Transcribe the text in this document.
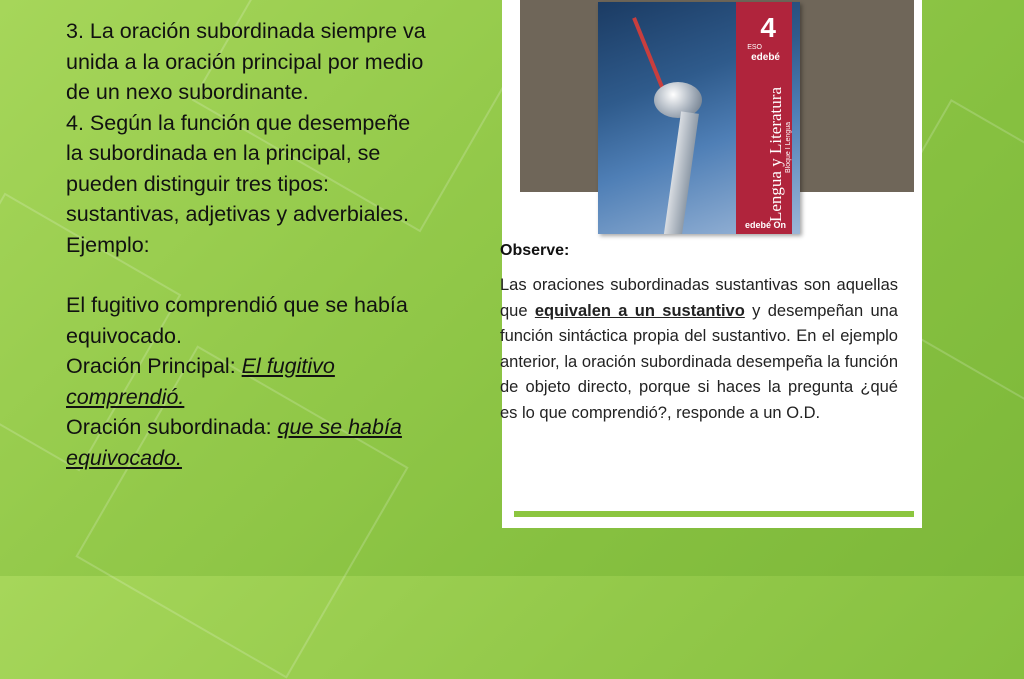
3. La oración subordinada siempre va unida a la oración principal por medio de un nexo subordinante.

4. Según la función que desempeñe la subordinada en la principal, se pueden distinguir tres tipos: sustantivas, adjetivas y adverbiales. Ejemplo:

El fugitivo comprendió que se había equivocado.

Oración Principal: El fugitivo comprendió.

Oración subordinada: que se había equivocado.

4
ESO
edebé
Lengua y Literatura Bloque I Lengua
edebé On
Observe:

Las oraciones subordinadas sustantivas son aquellas que equivalen a un sustantivo y desempeñan una función sintáctica propia del sustantivo. En el ejemplo anterior, la oración subordinada desempeña la función de objeto directo, porque si haces la pregunta ¿qué es lo que comprendió?, responde a un O.D.
